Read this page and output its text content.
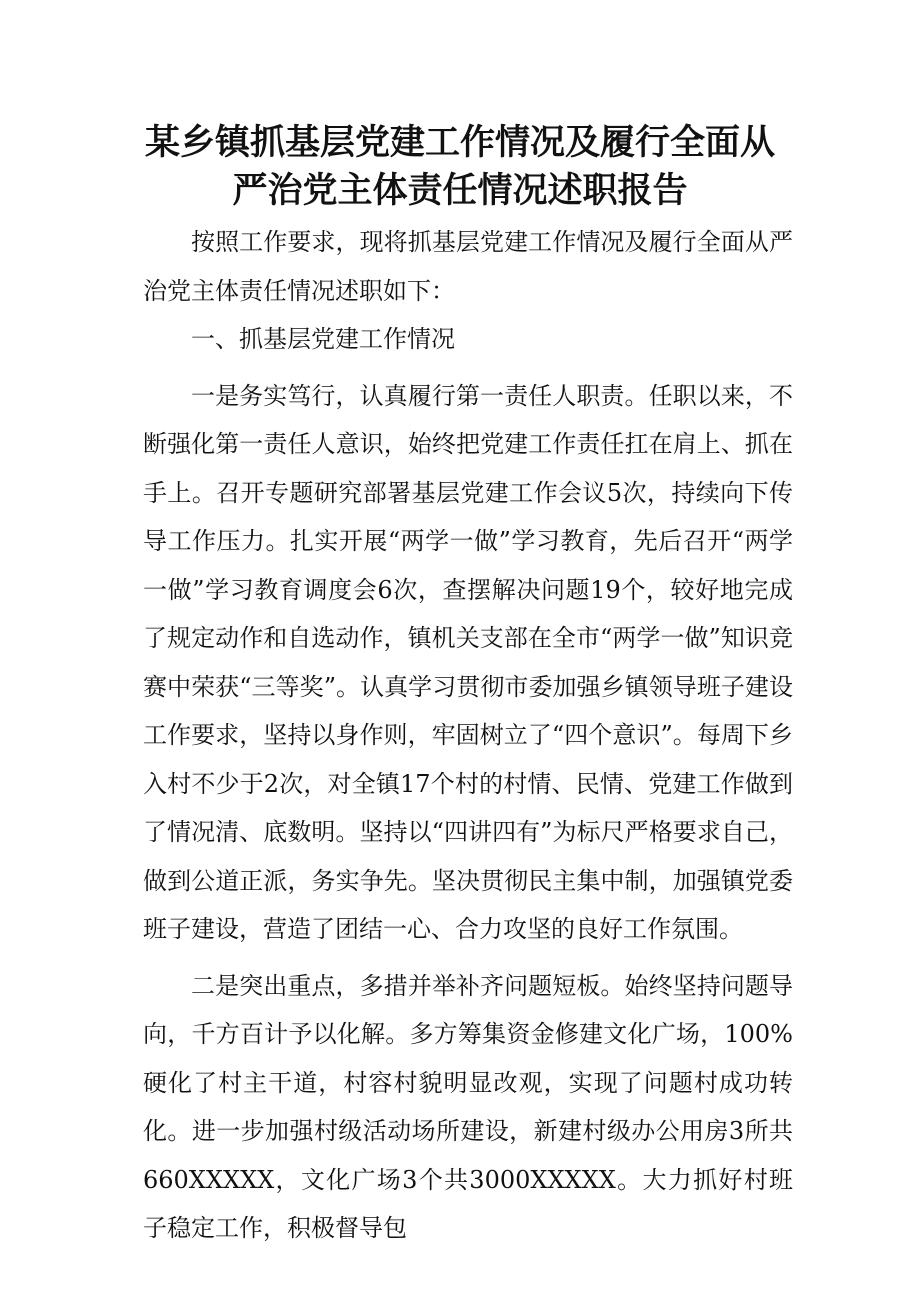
某乡镇抓基层党建工作情况及履行全面从
严治党主体责任情况述职报告

按照工作要求，现将抓基层党建工作情况及履行全面从严治党主体责任情况述职如下：

一、抓基层党建工作情况

一是务实笃行，认真履行第一责任人职责。任职以来，不断强化第一责任人意识，始终把党建工作责任扛在肩上、抓在手上。召开专题研究部署基层党建工作会议5次，持续向下传导工作压力。扎实开展“两学一做”学习教育，先后召开“两学一做”学习教育调度会6次，查摆解决问题19个，较好地完成了规定动作和自选动作，镇机关支部在全市“两学一做”知识竞赛中荣获“三等奖”。认真学习贯彻市委加强乡镇领导班子建设工作要求，坚持以身作则，牢固树立了“四个意识”。每周下乡入村不少于2次，对全镇17个村的村情、民情、党建工作做到了情况清、底数明。坚持以“四讲四有”为标尺严格要求自己，做到公道正派，务实争先。坚决贯彻民主集中制，加强镇党委班子建设，营造了团结一心、合力攻坚的良好工作氛围。

二是突出重点，多措并举补齐问题短板。始终坚持问题导向，千方百计予以化解。多方筹集资金修建文化广场，100%硬化了村主干道，村容村貌明显改观，实现了问题村成功转化。进一步加强村级活动场所建设，新建村级办公用房3所共660XXXXX，文化广场3个共3000XXXXX。大力抓好村班子稳定工作，积极督导包
